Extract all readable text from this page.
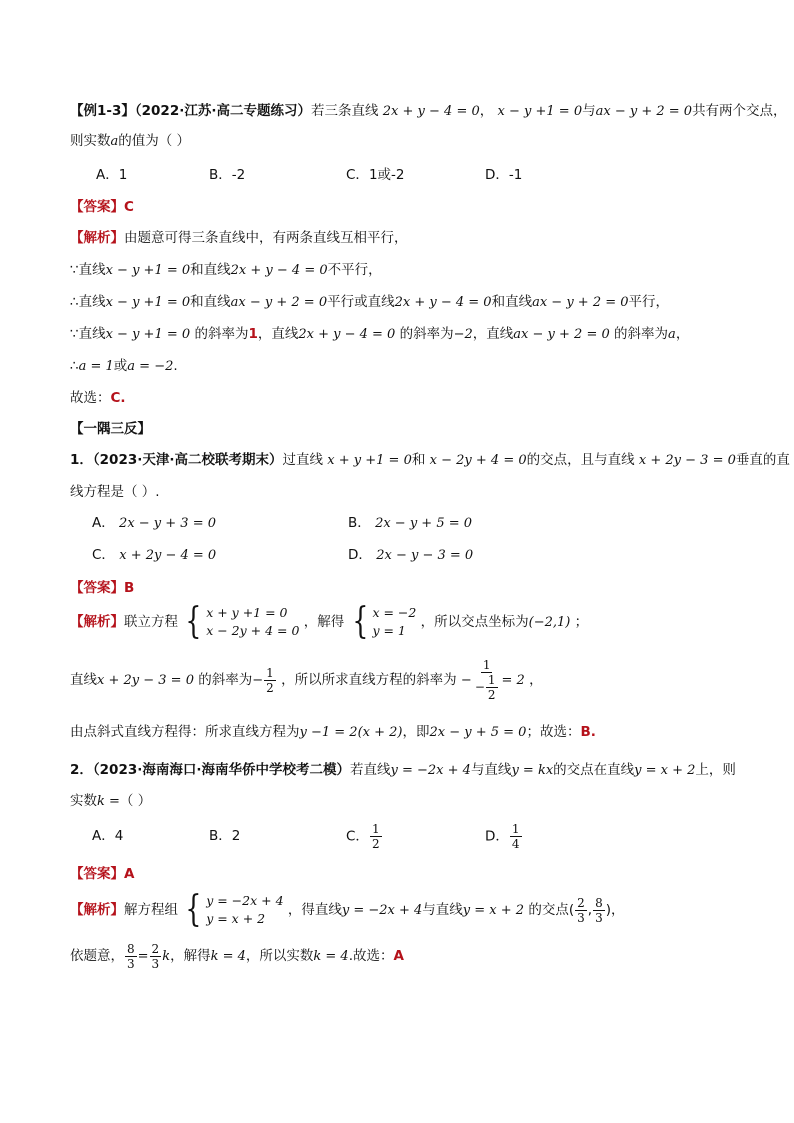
【例1-3】（2022·江苏·高二专题练习）若三条直线 2x + y − 4 = 0， x − y +1 = 0与ax − y + 2 = 0共有两个交点，
则实数a的值为（ ）
A．1	B．-2	C．1或-2	D．-1
【答案】C
【解析】由题意可得三条直线中，有两条直线互相平行，
∵直线x − y +1 = 0和直线2x + y − 4 = 0不平行，
∴直线x − y +1 = 0和直线ax − y + 2 = 0平行或直线2x + y − 4 = 0和直线ax − y + 2 = 0平行，
∵直线x − y +1 = 0 的斜率为1，直线2x + y − 4 = 0 的斜率为−2，直线ax − y + 2 = 0 的斜率为a，
∴a = 1或a = −2.
故选：C.
【一隅三反】
1．（2023·天津·高二校联考期末）过直线 x + y +1 = 0和 x − 2y + 4 = 0的交点，且与直线 x + 2y − 3 = 0垂直的直
线方程是（ ）.
A． 2x − y + 3 = 0	B． 2x − y + 5 = 0
C． x + 2y − 4 = 0	D． 2x − y − 3 = 0
【答案】B
【解析】联立方程 { x + y +1 = 0
x − 2y + 4 = 0
，解得 { x = −2
y = 1
，所以交点坐标为(−2,1) ；
直线x + 2y − 3 = 0 的斜率为− $\frac{1}{2}$ ，所以所求直线方程的斜率为 − $\frac{1}{- \frac{1}{2}} = 2$ ，
由点斜式直线方程得：所求直线方程为y −1 = 2(x + 2)，即2x − y + 5 = 0；故选：B.
2．（2023·海南海口·海南华侨中学校考二模）若直线y = −2x + 4与直线y = kx的交点在直线y = x + 2上，则
实数k =（ ）
A．4	B．2	C． $\frac{1}{2}$	D． $\frac{1}{4}$
【答案】A
【解析】解方程组 { y = −2x + 4
y = x + 2
，得直线y = −2x + 4与直线y = x + 2 的交点( $\frac{2}{3}$ , $\frac{8}{3}$ )，
依题意， $\frac{8}{3} = \frac{2}{3}$ k，解得k = 4，所以实数k = 4.故选：A
